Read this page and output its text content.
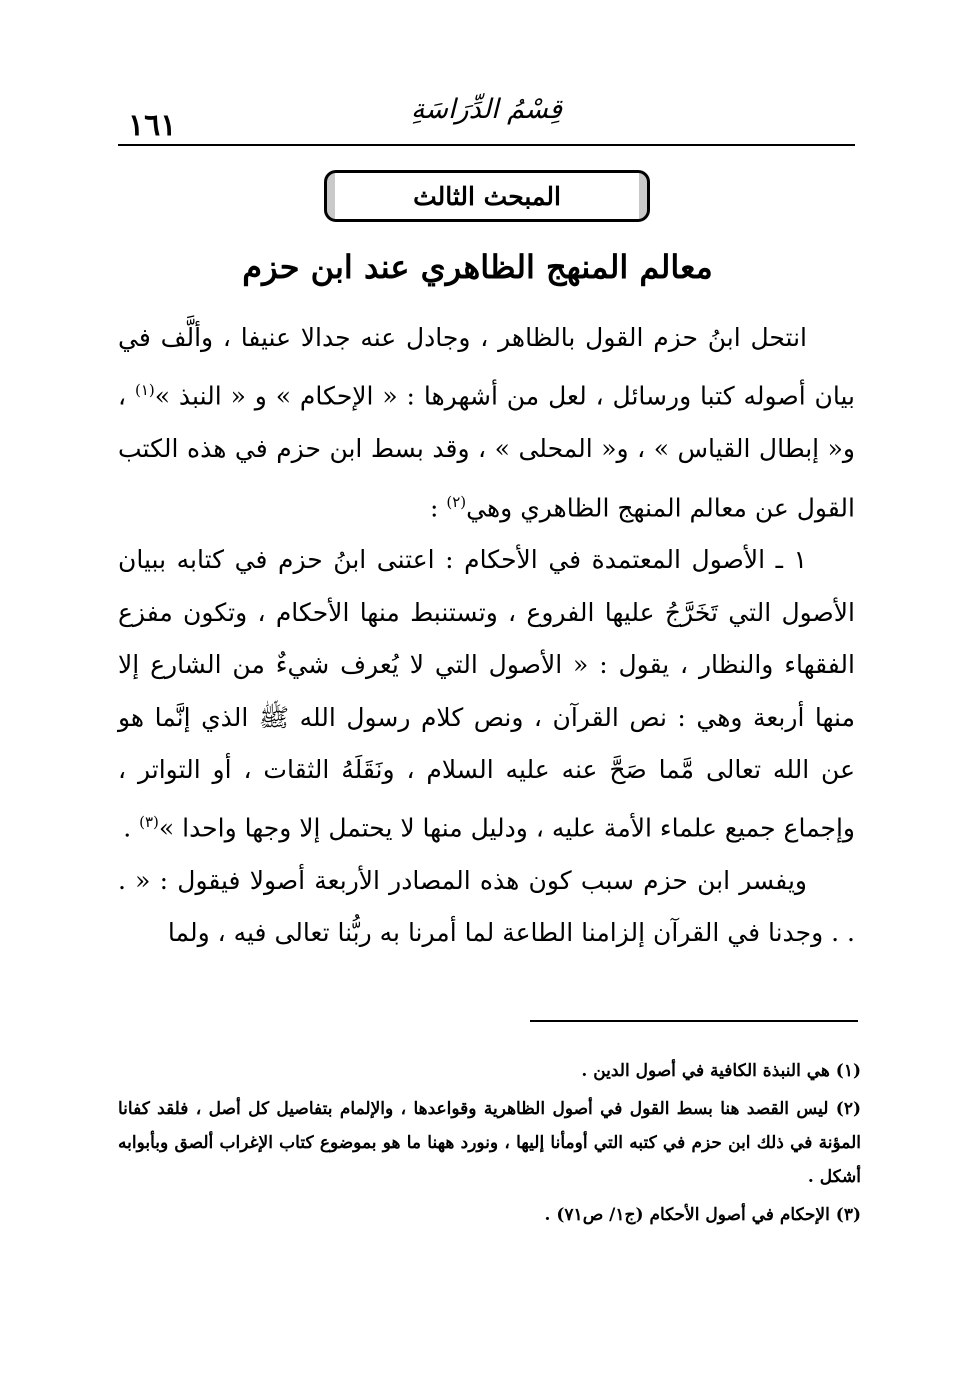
١٦١	قِسْمُ الدِّرَاسَةِ
المبحث الثالث
معالم المنهج الظاهري عند ابن حزم

انتحل ابنُ حزم القول بالظاهر ، وجادل عنه جدالا عنيفا ، وألَّف في بيان أصوله كتبا ورسائل ، لعل من أشهرها : « الإحكام » و « النبذ »$^{(١)}$ ، و« إبطال القياس » ، و« المحلى » ، وقد بسط ابن حزم في هذه الكتب القول عن معالم المنهج الظاهري وهي$^{(٢)}$ :

١ ـ الأصول المعتمدة في الأحكام : اعتنى ابنُ حزم في كتابه ببيان الأصول التي تَخَرَّجُ عليها الفروع ، وتستنبط منها الأحكام ، وتكون مفزع الفقهاء والنظار ، يقول : « الأصول التي لا يُعرف شيءٌ من الشارع إلا منها أربعة وهي : نص القرآن ، ونص كلام رسول الله ﷺ الذي إنَّما هو عن الله تعالى مَّما صَحَّ عنه عليه السلام ، ونَقَلَهُ الثقات ، أو التواتر ، وإجماع جميع علماء الأمة عليه ، ودليل منها لا يحتمل إلا وجها واحدا »$^{(٣)}$ .

ويفسر ابن حزم سبب كون هذه المصادر الأربعة أصولا فيقول : « . . . وجدنا في القرآن إلزامنا الطاعة لما أمرنا به ربُّنا تعالى فيه ، ولما

(١) هي النبذة الكافية في أصول الدين .

(٢) ليس القصد هنا بسط القول في أصول الظاهرية وقواعدها ، والإلمام بتفاصيل كل أصل ، فلقد كفانا المؤنة في ذلك ابن حزم في كتبه التي أومأنا إليها ، ونورد ههنا ما هو بموضوع كتاب الإغراب ألصق وبأبوابه أشكل .

(٣) الإحكام في أصول الأحكام (ج١/ ص٧١) .
